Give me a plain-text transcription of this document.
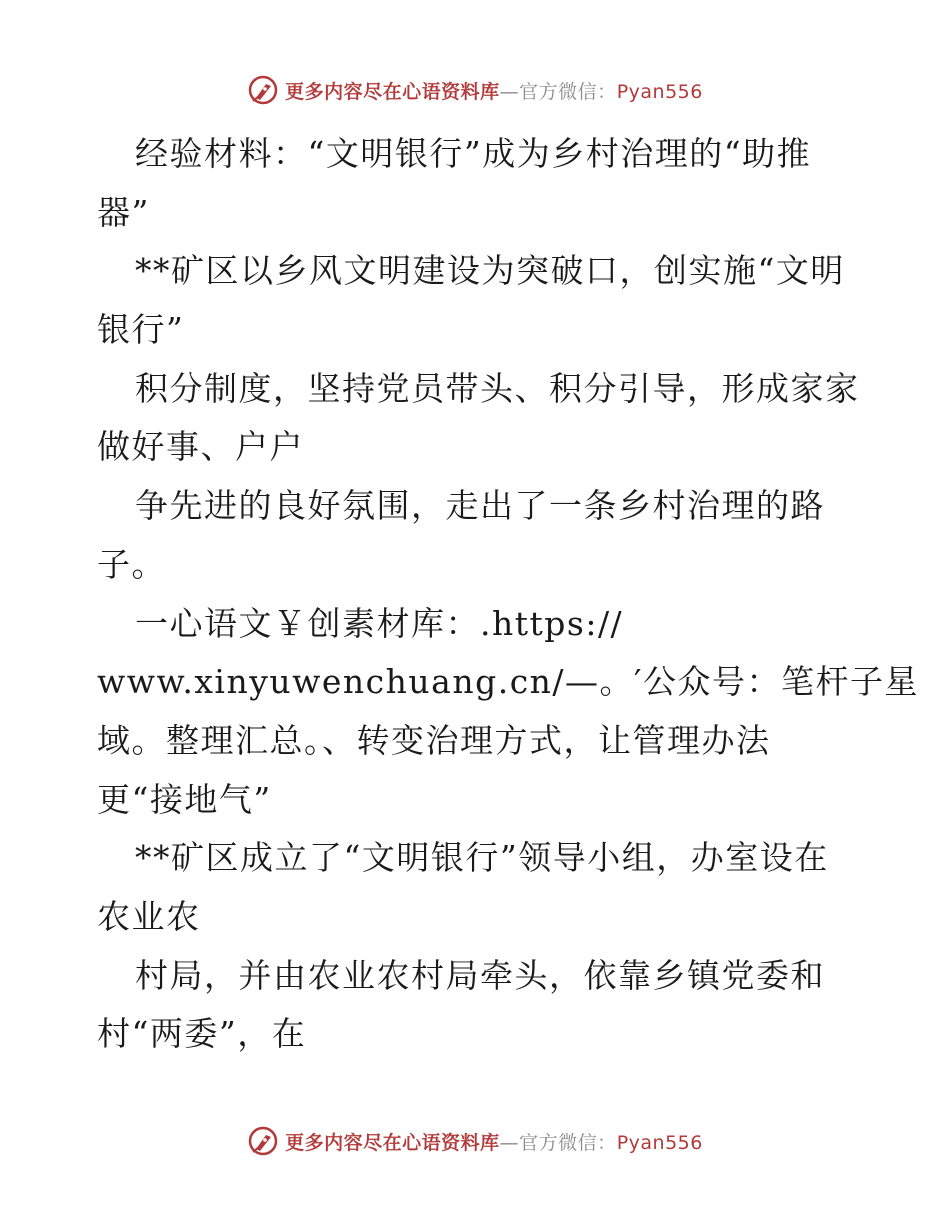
更多内容尽在心语资料库—官方微信：Pyan556
经验材料：“文明银行”成为乡村治理的“助推
器”
**矿区以乡风文明建设为突破口，创实施“文明
银行”
积分制度，坚持党员带头、积分引导，形成家家
做好事、户户
争先进的良好氛围，走出了一条乡村治理的路
子。
一心语文￥创素材库：.https://
www.xinyuwenchuang.cn/—。′公众号：笔杆子星
域。整理汇总。、转变治理方式，让管理办法
更“接地气”
**矿区成立了“文明银行”领导小组，办室设在
农业农
村局，并由农业农村局牵头，依靠乡镇党委和
村“两委”，在
更多内容尽在心语资料库—官方微信：Pyan556
